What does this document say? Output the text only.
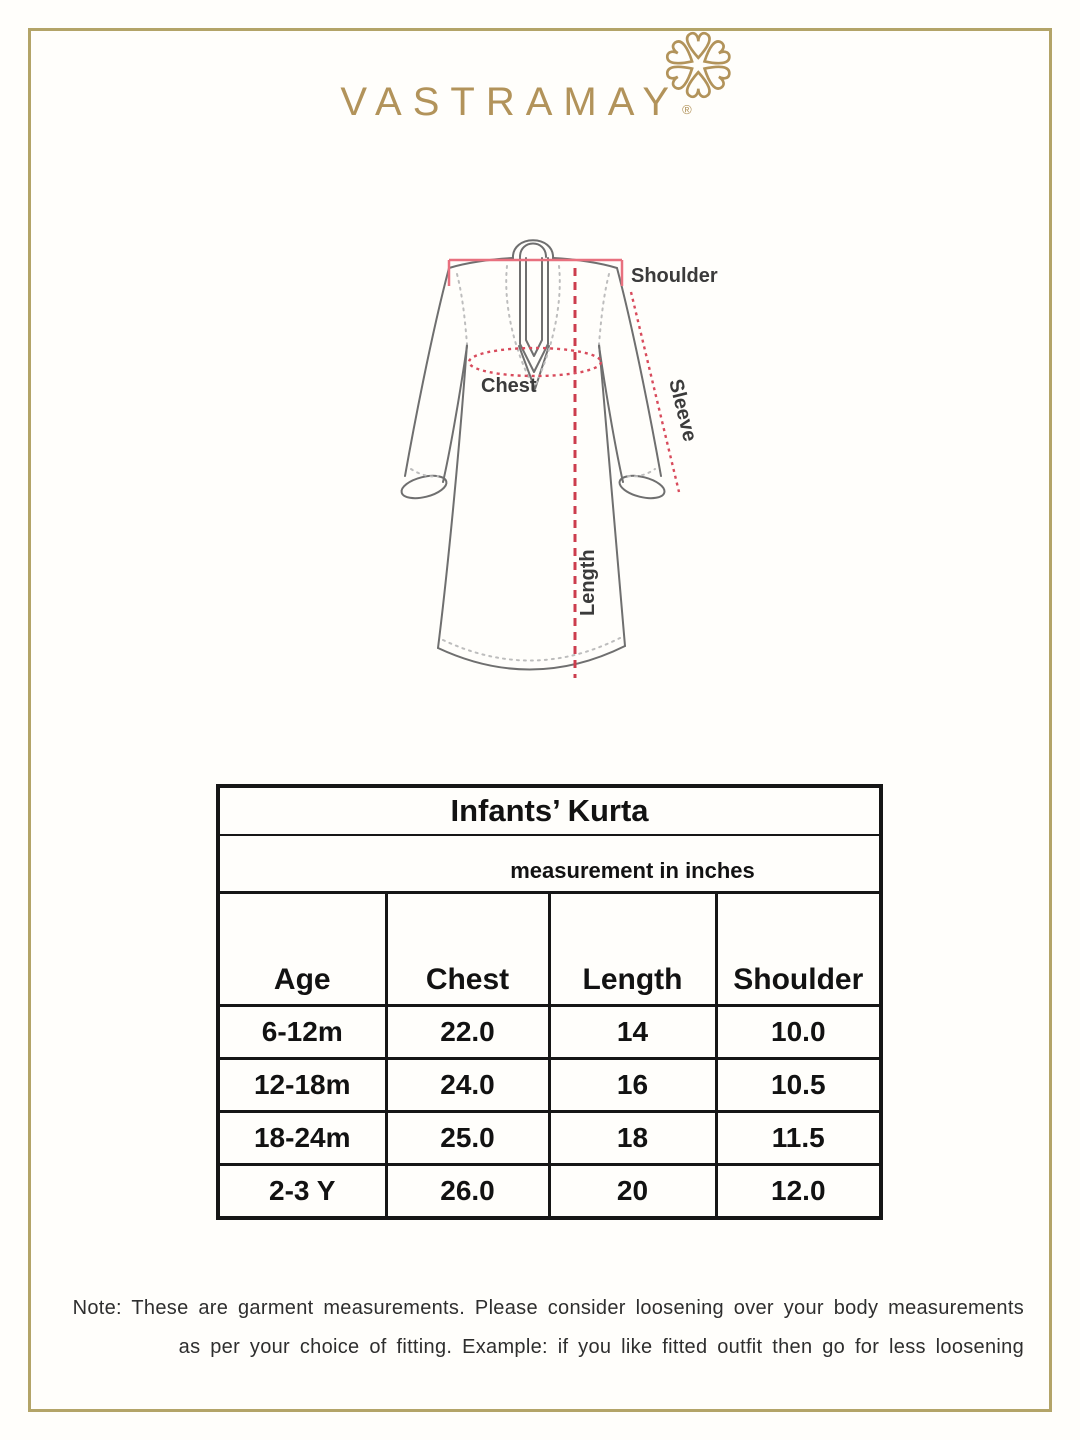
VASTRAMAY ®
Shoulder
Chest	Sleeve
Length
Infants’ Kurta			
	measurement in inches		
Age	Chest	Length	Shoulder
6-12m	22.0	14	10.0
12-18m	24.0	16	10.5
18-24m	25.0	18	11.5
2-3 Y	26.0	20	12.0
Note: These are garment measurements. Please consider loosening over your body measurements
as per your choice of fitting. Example: if you like fitted outfit then go for less loosening
